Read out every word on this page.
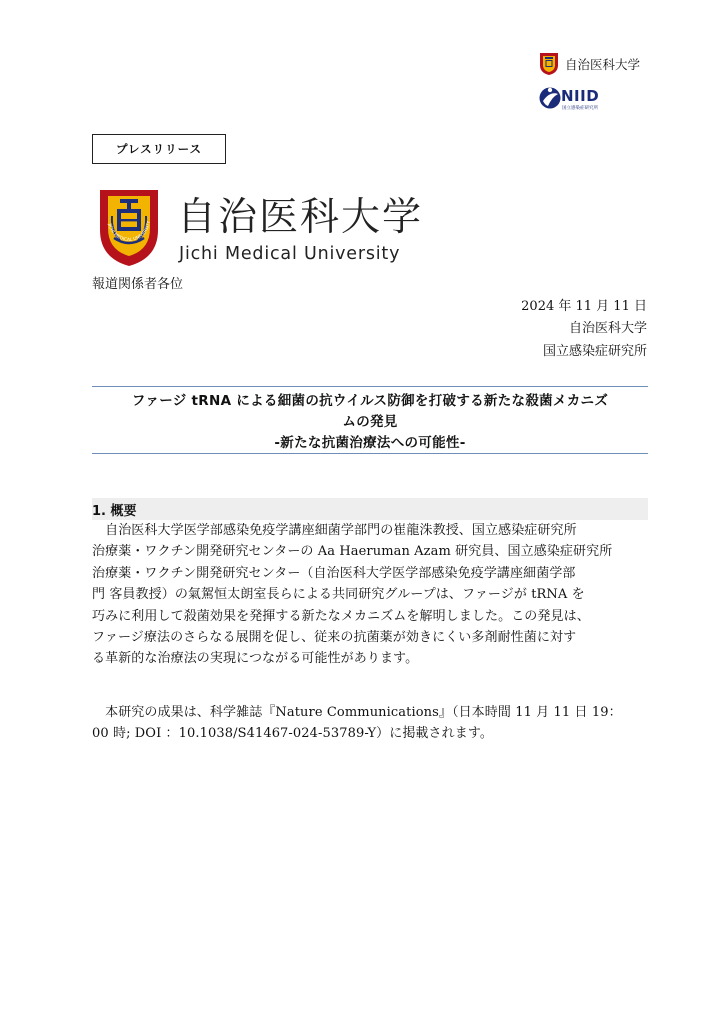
自治医科大学
NIID
国立感染症研究所
プレスリリース
JICHI MEDICAL UNIVERSITY 自治医科大学
Jichi Medical University
報道関係者各位
2024 年 11 月 11 日
自治医科大学
国立感染症研究所
ファージ tRNA による細菌の抗ウイルス防御を打破する新たな殺菌メカニズ
ムの発見
-新たな抗菌治療法への可能性-
1. 概要
　自治医科大学医学部感染免疫学講座細菌学部門の崔龍洙教授、国立感染症研究所
治療薬・ワクチン開発研究センターの Aa Haeruman Azam 研究員、国立感染症研究所
治療薬・ワクチン開発研究センター（自治医科大学医学部感染免疫学講座細菌学部
門 客員教授）の氣駕恒太朗室長らによる共同研究グループは、ファージが tRNA を
巧みに利用して殺菌効果を発揮する新たなメカニズムを解明しました。この発見は、
ファージ療法のさらなる展開を促し、従来の抗菌薬が効きにくい多剤耐性菌に対す
る革新的な治療法の実現につながる可能性があります。
　本研究の成果は、科学雑誌『Nature Communications』（日本時間 11 月 11 日 19：
00 時; DOI ：10.1038/S41467-024-53789-Y）に掲載されます。
